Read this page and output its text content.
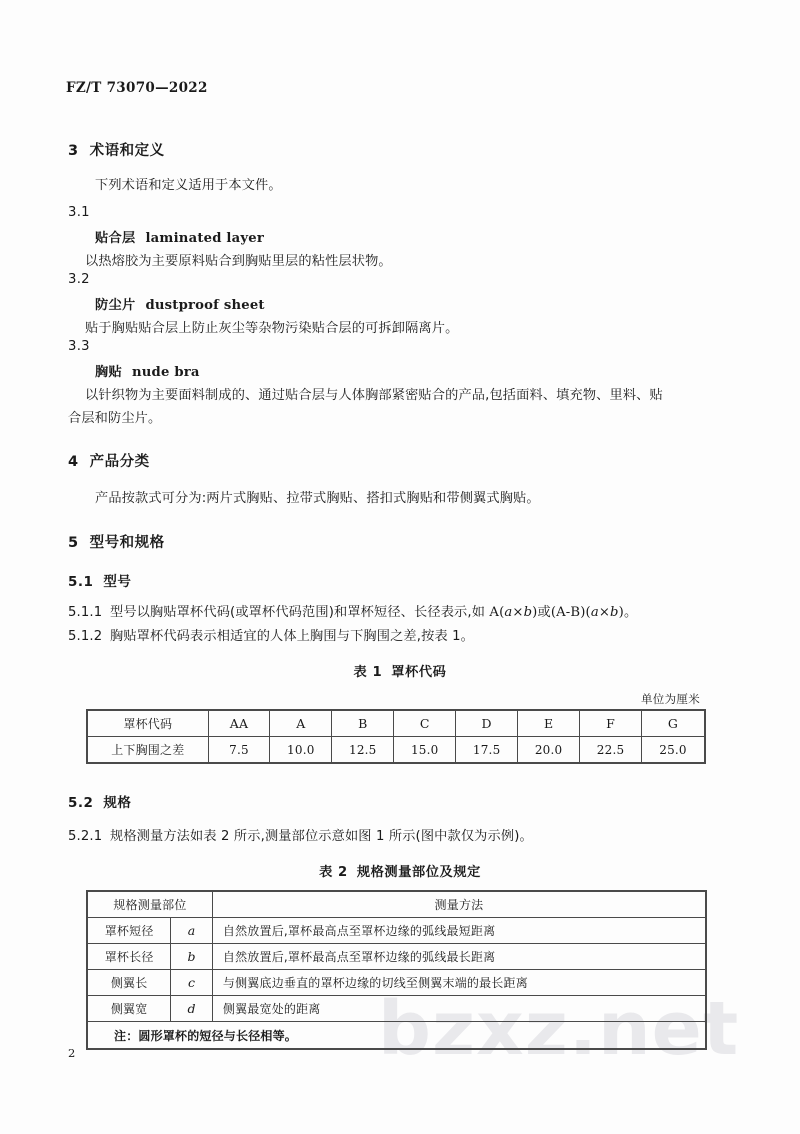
bzxz.net
FZ/T 73070—2022
3 术语和定义
下列术语和定义适用于本文件。
3.1
贴合层 laminated layer
以热熔胶为主要原料贴合到胸贴里层的粘性层状物。
3.2
防尘片 dustproof sheet
贴于胸贴贴合层上防止灰尘等杂物污染贴合层的可拆卸隔离片。
3.3
胸贴 nude bra
以针织物为主要面料制成的、通过贴合层与人体胸部紧密贴合的产品,包括面料、填充物、里料、贴
合层和防尘片。
4 产品分类
产品按款式可分为:两片式胸贴、拉带式胸贴、搭扣式胸贴和带侧翼式胸贴。
5 型号和规格
5.1 型号
5.1.1 型号以胸贴罩杯代码(或罩杯代码范围)和罩杯短径、长径表示,如 A(a×b)或(A-B)(a×b)。
5.1.2 胸贴罩杯代码表示相适宜的人体上胸围与下胸围之差,按表 1。
表 1 罩杯代码
单位为厘米
罩杯代码	AA	A	B	C	D	E	F	G
上下胸围之差	7.5	10.0	12.5	15.0	17.5	20.0	22.5	25.0
5.2 规格
5.2.1 规格测量方法如表 2 所示,测量部位示意如图 1 所示(图中款仅为示例)。
表 2 规格测量部位及规定
规格测量部位		测量方法
罩杯短径	a	自然放置后,罩杯最高点至罩杯边缘的弧线最短距离
罩杯长径	b	自然放置后,罩杯最高点至罩杯边缘的弧线最长距离
侧翼长	c	与侧翼底边垂直的罩杯边缘的切线至侧翼末端的最长距离
侧翼宽	d	侧翼最宽处的距离
注：圆形罩杯的短径与长径相等。		
2
